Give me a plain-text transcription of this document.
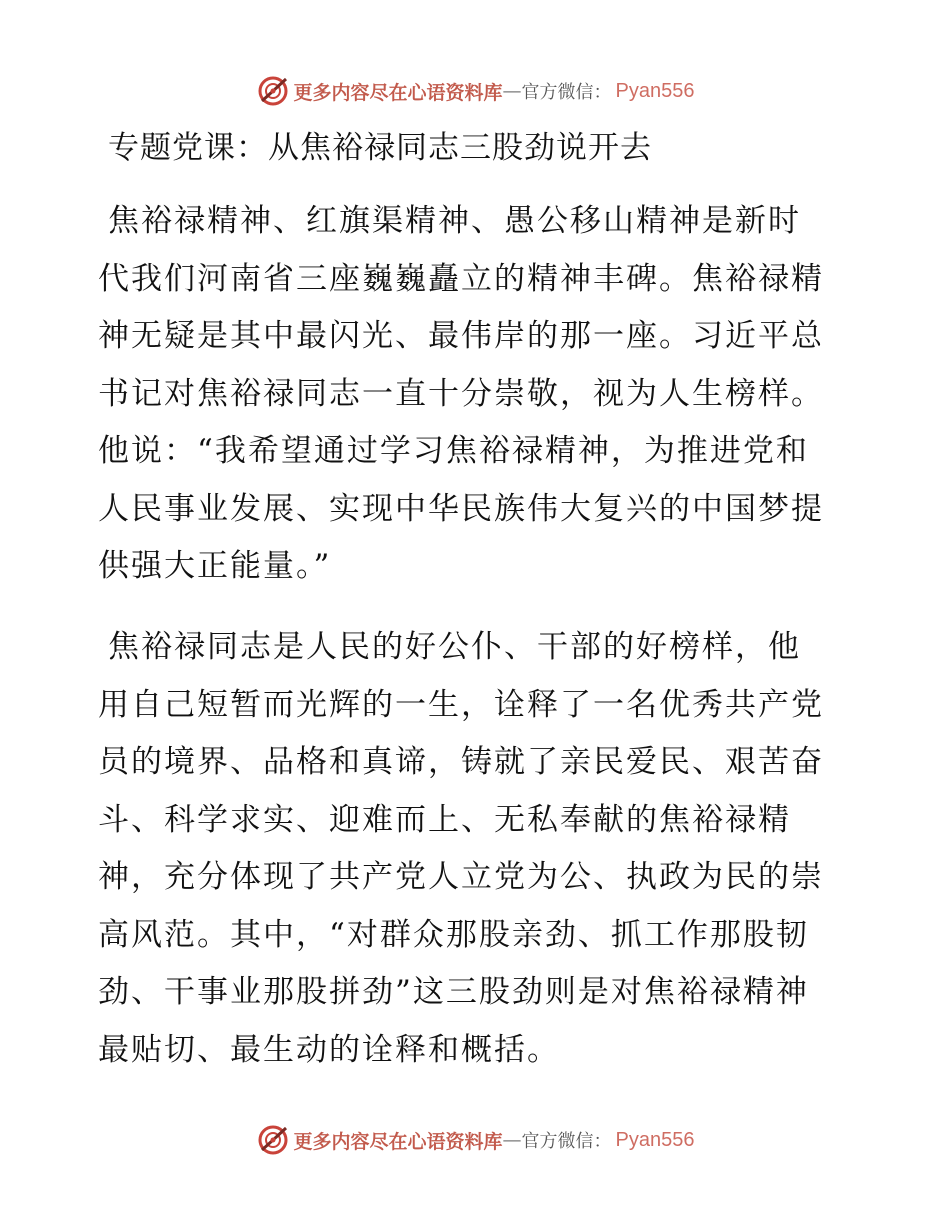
更多内容尽在心语资料库 — 官方微信： Pyan556
专题党课：从焦裕禄同志三股劲说开去
焦裕禄精神、红旗渠精神、愚公移山精神是新时
代我们河南省三座巍巍矗立的精神丰碑。焦裕禄精
神无疑是其中最闪光、最伟岸的那一座。习近平总
书记对焦裕禄同志一直十分崇敬，视为人生榜样。
他说：“我希望通过学习焦裕禄精神，为推进党和
人民事业发展、实现中华民族伟大复兴的中国梦提
供强大正能量。”
焦裕禄同志是人民的好公仆、干部的好榜样，他
用自己短暂而光辉的一生，诠释了一名优秀共产党
员的境界、品格和真谛，铸就了亲民爱民、艰苦奋
斗、科学求实、迎难而上、无私奉献的焦裕禄精
神，充分体现了共产党人立党为公、执政为民的崇
高风范。其中，“对群众那股亲劲、抓工作那股韧
劲、干事业那股拼劲”这三股劲则是对焦裕禄精神
最贴切、最生动的诠释和概括。
更多内容尽在心语资料库 — 官方微信： Pyan556
